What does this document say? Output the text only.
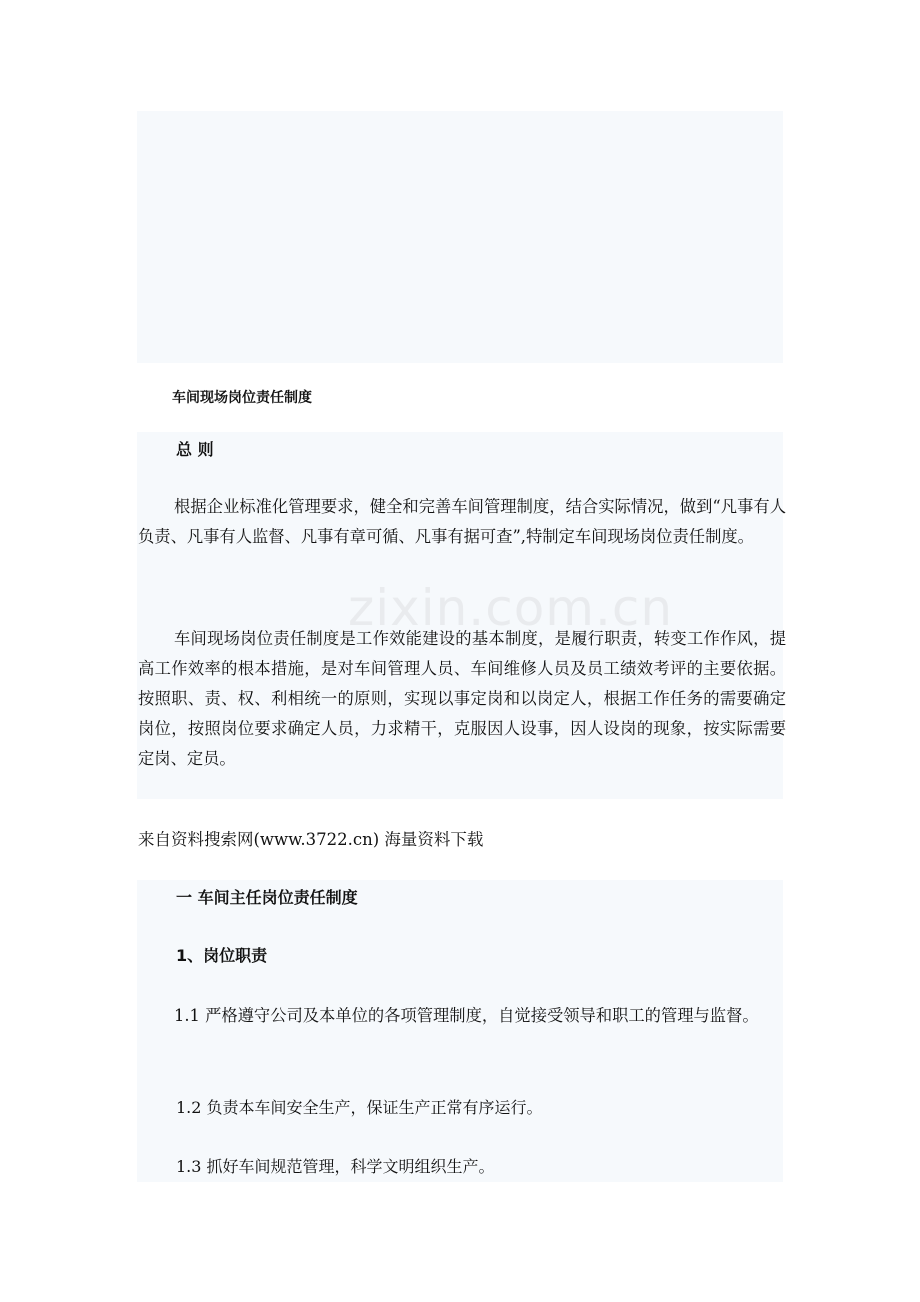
车间现场岗位责任制度
总 则
根据企业标准化管理要求，健全和完善车间管理制度，结合实际情况，做到“凡事有人负责、凡事有人监督、凡事有章可循、凡事有据可查”,特制定车间现场岗位责任制度。
车间现场岗位责任制度是工作效能建设的基本制度，是履行职责，转变工作作风，提高工作效率的根本措施，是对车间管理人员、车间维修人员及员工绩效考评的主要依据。按照职、责、权、利相统一的原则，实现以事定岗和以岗定人，根据工作任务的需要确定岗位，按照岗位要求确定人员，力求精干，克服因人设事，因人设岗的现象，按实际需要定岗、定员。
zixin.com.cn
来自资料搜索网(www.3722.cn) 海量资料下载
一 车间主任岗位责任制度
1、岗位职责
1.1 严格遵守公司及本单位的各项管理制度，自觉接受领导和职工的管理与监督。
1.2 负责本车间安全生产，保证生产正常有序运行。
1.3 抓好车间规范管理，科学文明组织生产。
